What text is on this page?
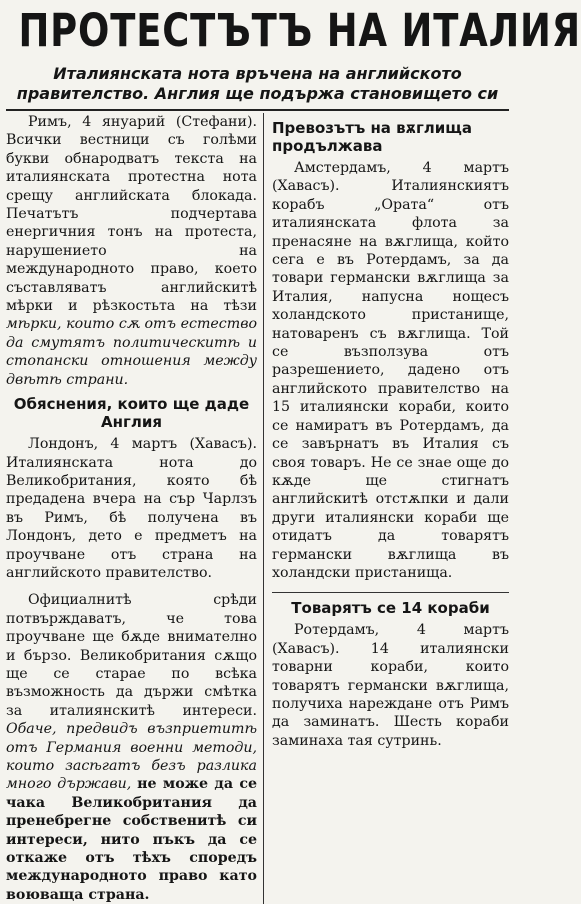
ПРОТЕСТЪТЪ НА ИТАЛИЯ
Италиянската нота връчена на английското правителство. Англия ще подържа становището си

Римъ, 4 януарий (Стефани). Всички вестници съ голѣми букви обнародватъ текста на италиянската протестна нота срещу английската блокада. Печатътъ подчертава енергичния тонъ на протеста, нарушението на международното право, което съставляватъ английскитѣ мѣрки и рѣзкостьта на тѣзи мѣрки, които сѫ отъ естество да смутятъ политическитѣ и стопански отношения между двѣтѣ страни.

Обяснения, които ще даде Англия

Лондонъ, 4 мартъ (Хавасъ). Италиянската нота до Великобритания, която бѣ предадена вчера на сър Чарлзъ въ Римъ, бѣ получена въ Лондонъ, дето е предметъ на проучване отъ страна на английското правителство.

Официалнитѣ срѣди потвърждаватъ, че това проучване ще бѫде внимателно и бързо. Великобритания сѫщо ще се старае по всѣка възможность да държи смѣтка за италиянскитѣ интереси. Обаче, предвидъ възприетитѣ отъ Германия военни методи, които засѣгатъ безъ разлика много държави, не може да се чака Великобритания да пренебрегне собственитѣ си интереси, нито пъкъ да се откаже отъ тѣхъ споредъ международното право като воюваща страна.

Превозътъ на вѫглища продължава

Амстердамъ, 4 мартъ (Хавасъ). Италиянскиятъ корабъ „Ората“ отъ италиянската флота за пренасяне на вѫглища, който сега е въ Ротердамъ, за да товари германски вѫглища за Италия, напусна нощесъ холандското пристанище, натоваренъ съ вѫглища. Той се възползува отъ разрешението, дадено отъ английското правителство на 15 италиянски кораби, които се намиратъ въ Ротердамъ, да се завърнатъ въ Италия съ своя товаръ. Не се знае още до кѫде ще стигнатъ английскитѣ отстѫпки и дали други италиянски кораби ще отидатъ да товарятъ германски вѫглища въ холандски пристанища.

Товарятъ се 14 кораби

Ротердамъ, 4 мартъ (Хавасъ). 14 италиянски товарни кораби, които товарятъ германски вѫглища, получиха нареждане отъ Римъ да заминатъ. Шесть кораби заминаха тая сутринь.
